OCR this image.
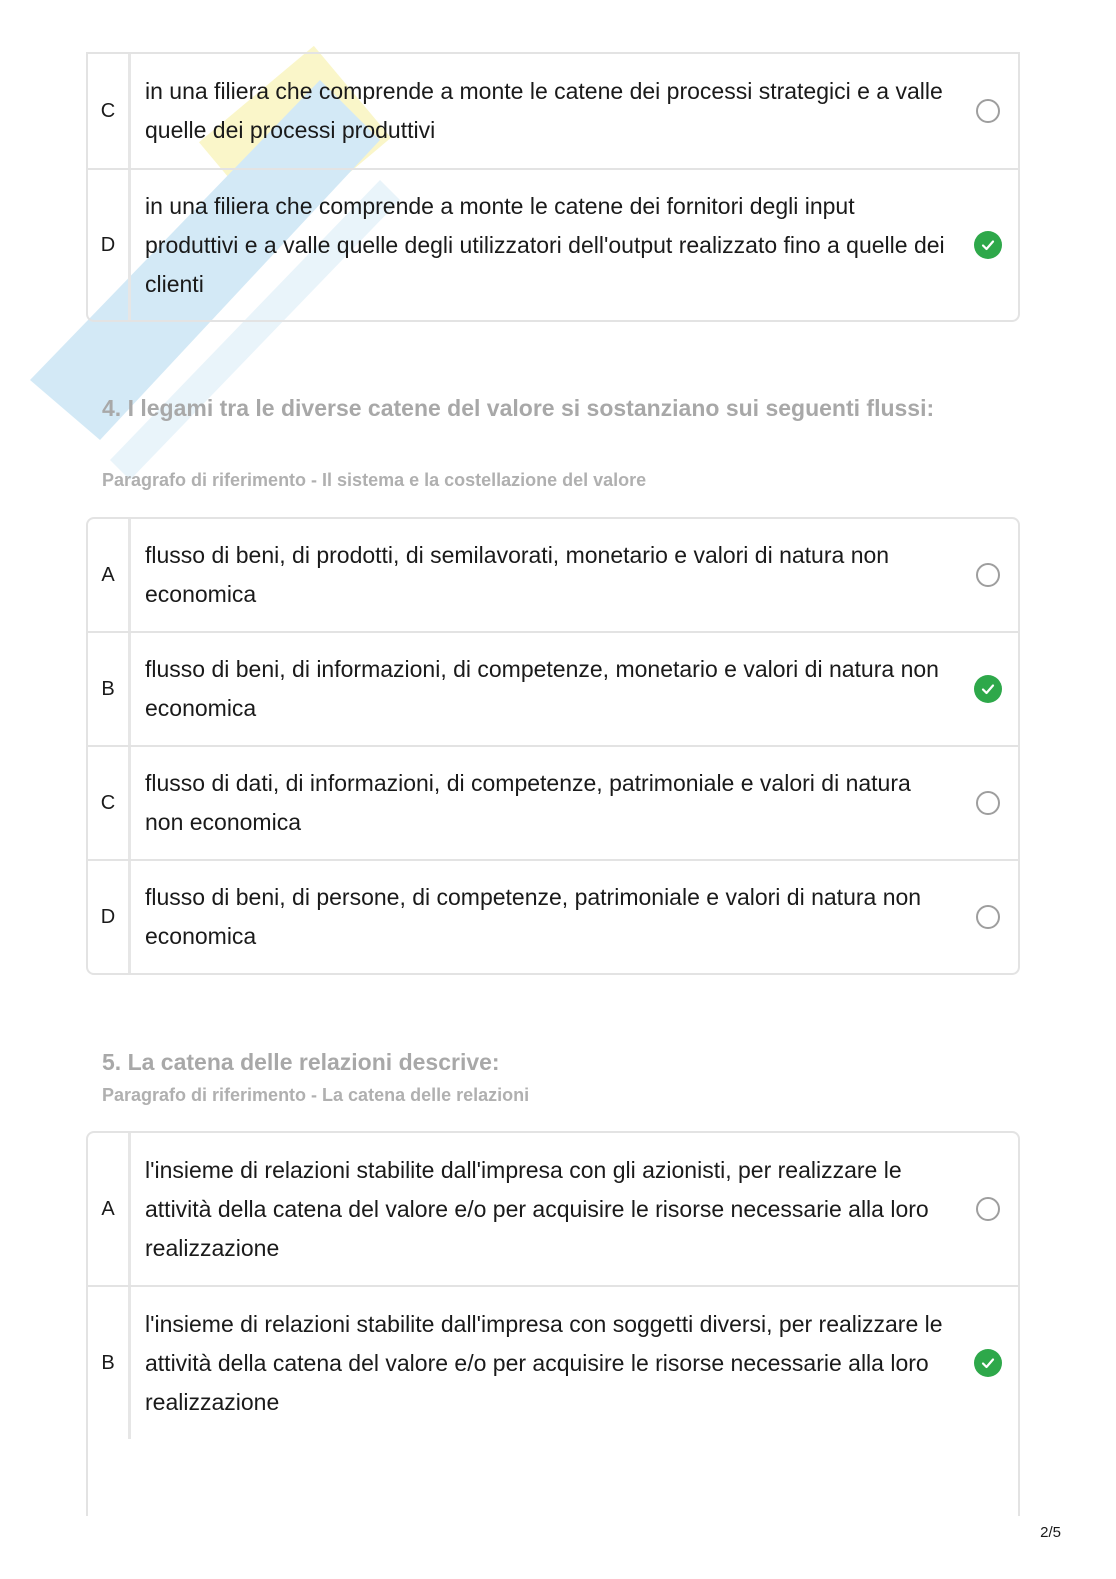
C
in una filiera che comprende a monte le catene dei processi strategici e a valle quelle dei processi produttivi
D
in una filiera che comprende a monte le catene dei fornitori degli input produttivi e a valle quelle degli utilizzatori dell'output realizzato fino a quelle dei clienti
4. I legami tra le diverse catene del valore si sostanziano sui seguenti flussi:
Paragrafo di riferimento - Il sistema e la costellazione del valore
A
flusso di beni, di prodotti, di semilavorati, monetario e valori di natura non economica
B
flusso di beni, di informazioni, di competenze, monetario e valori di natura non economica
C
flusso di dati, di informazioni, di competenze, patrimoniale e valori di natura non economica
D
flusso di beni, di persone, di competenze, patrimoniale e valori di natura non economica
5. La catena delle relazioni descrive:
Paragrafo di riferimento - La catena delle relazioni
A
l'insieme di relazioni stabilite dall'impresa con gli azionisti, per realizzare le attività della catena del valore e/o per acquisire le risorse necessarie alla loro realizzazione
B
l'insieme di relazioni stabilite dall'impresa con soggetti diversi, per realizzare le attività della catena del valore e/o per acquisire le risorse necessarie alla loro realizzazione
2/5
